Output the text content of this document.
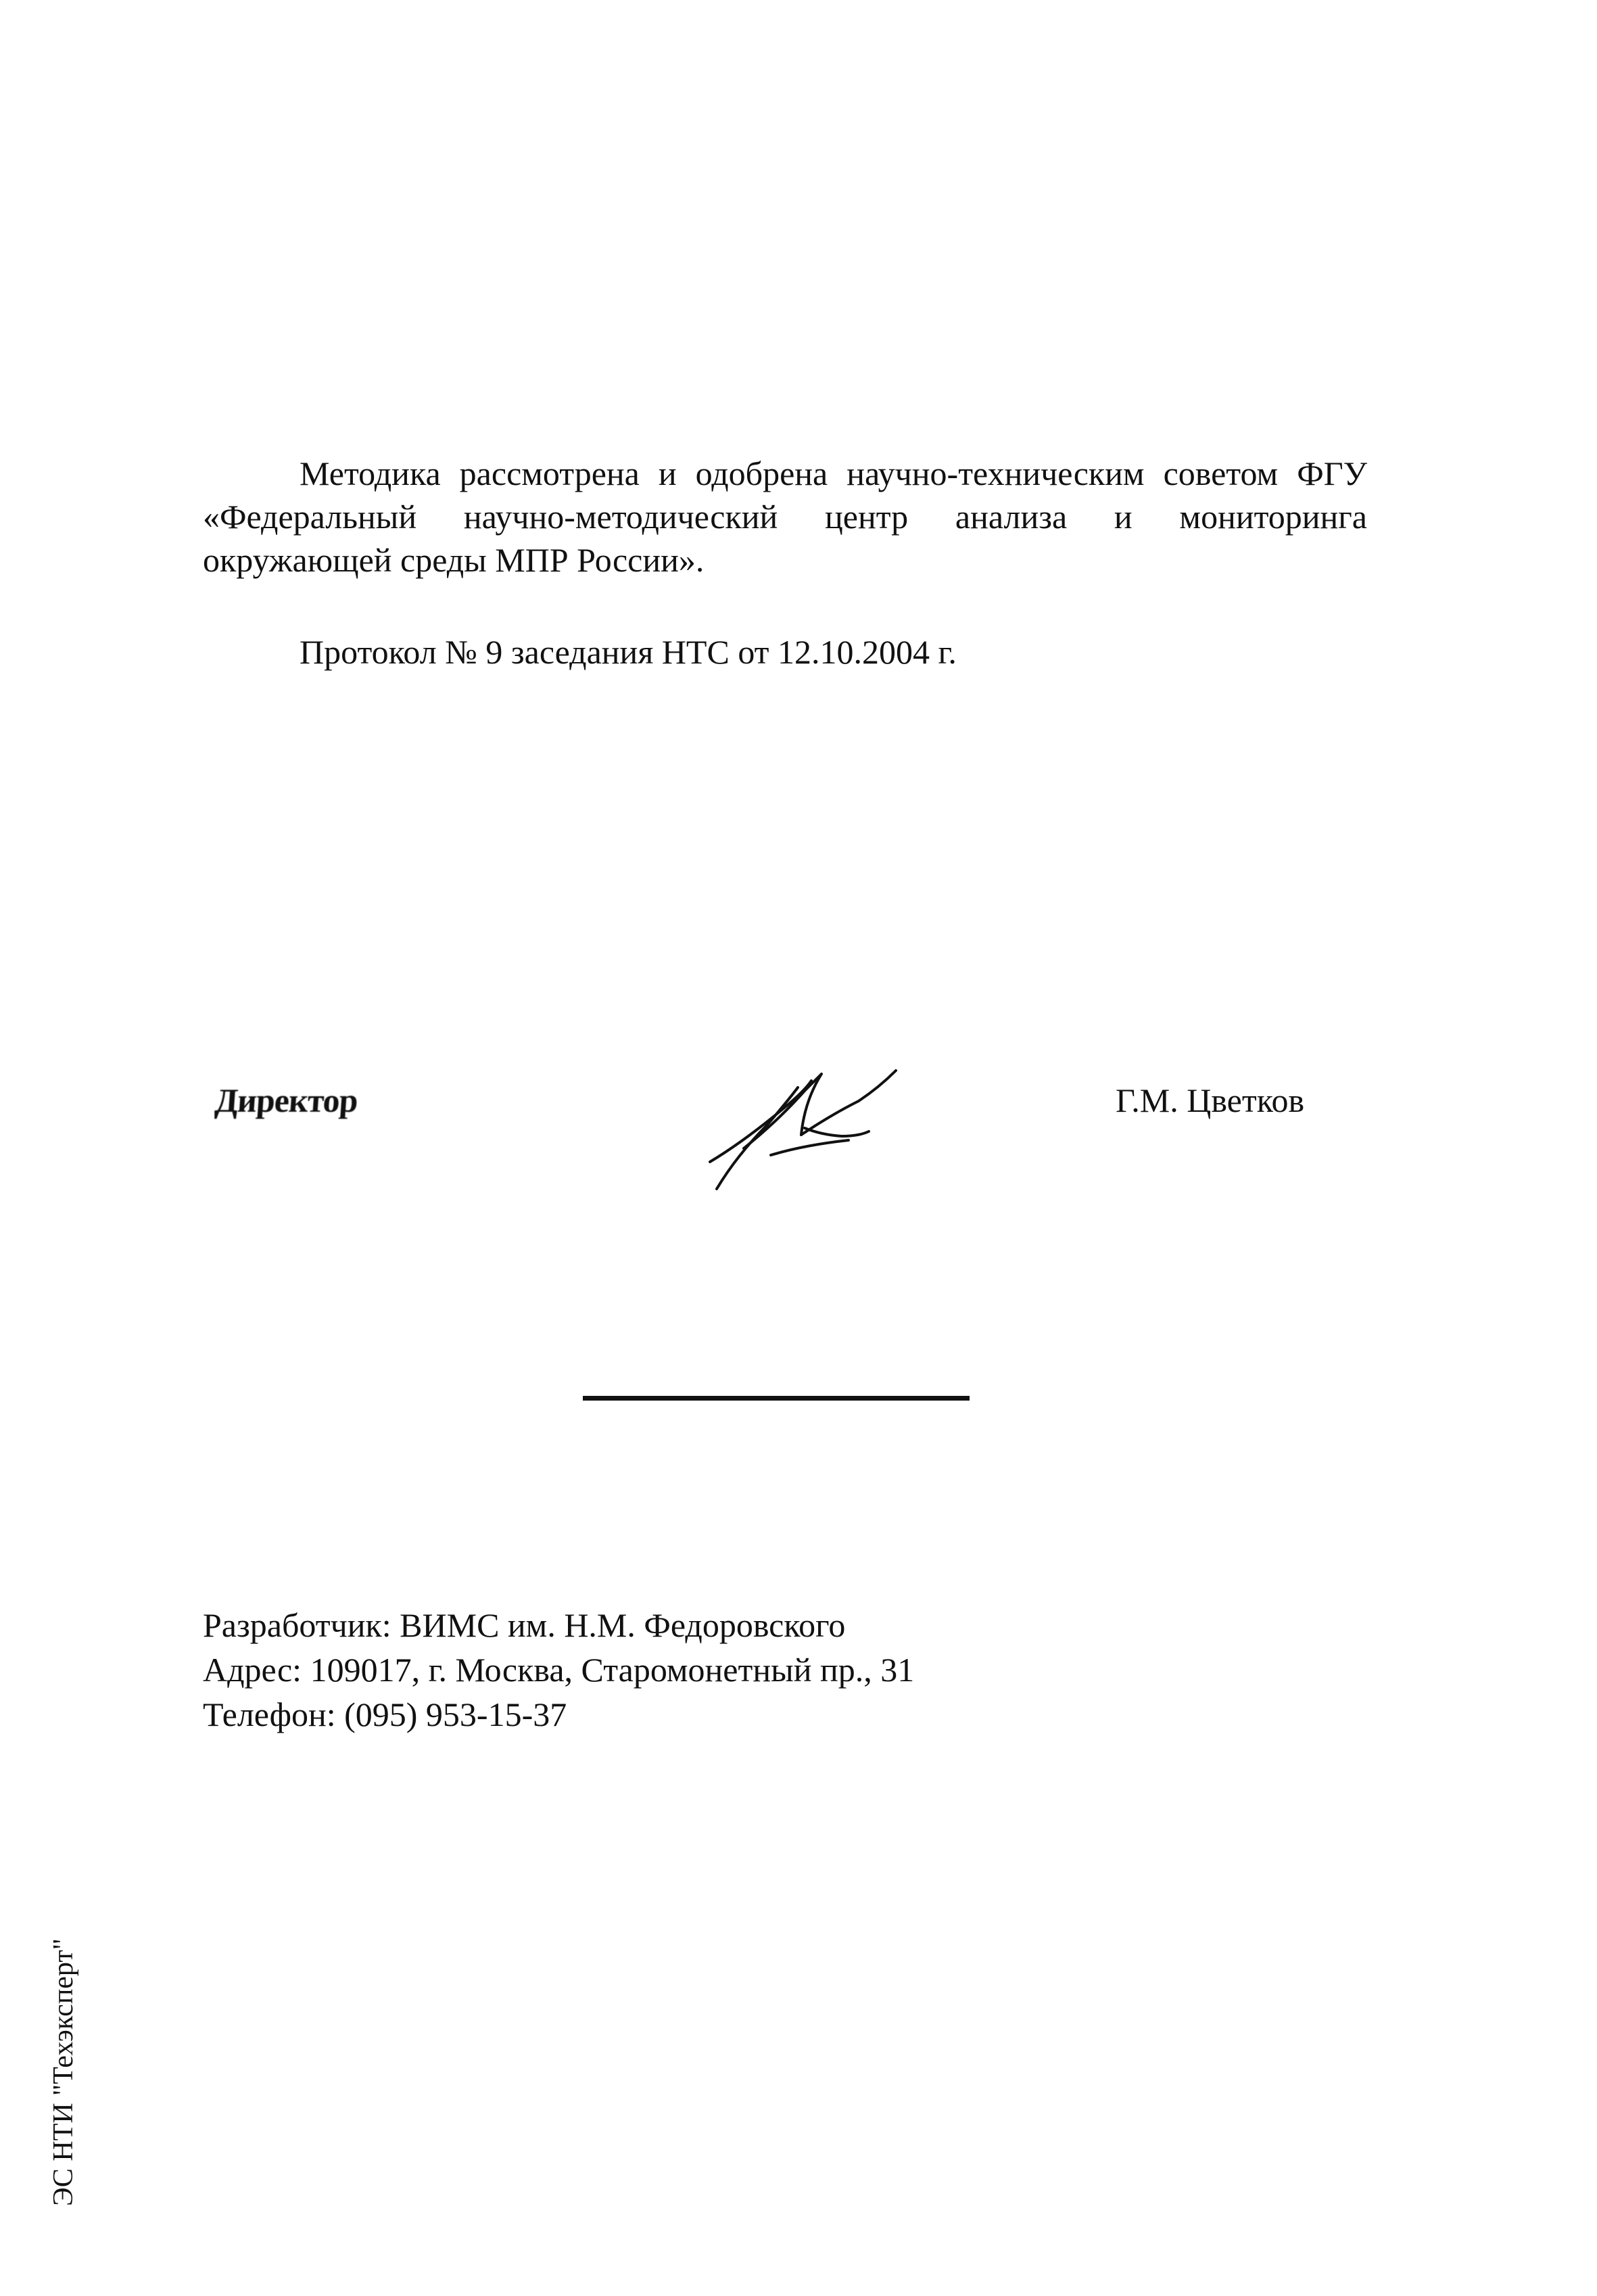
Методика рассмотрена и одобрена научно-техническим советом ФГУ «Федеральный научно-методический центр анализа и мониторинга окружающей среды МПР России».

Протокол № 9 заседания НТС от 12.10.2004 г.

Директор	Г.М. Цветков
Разработчик: ВИМС им. Н.М. Федоровского
Адрес: 109017, г. Москва, Старомонетный пр., 31
Телефон: (095) 953-15-37
ЭС НТИ "Техэксперт"
